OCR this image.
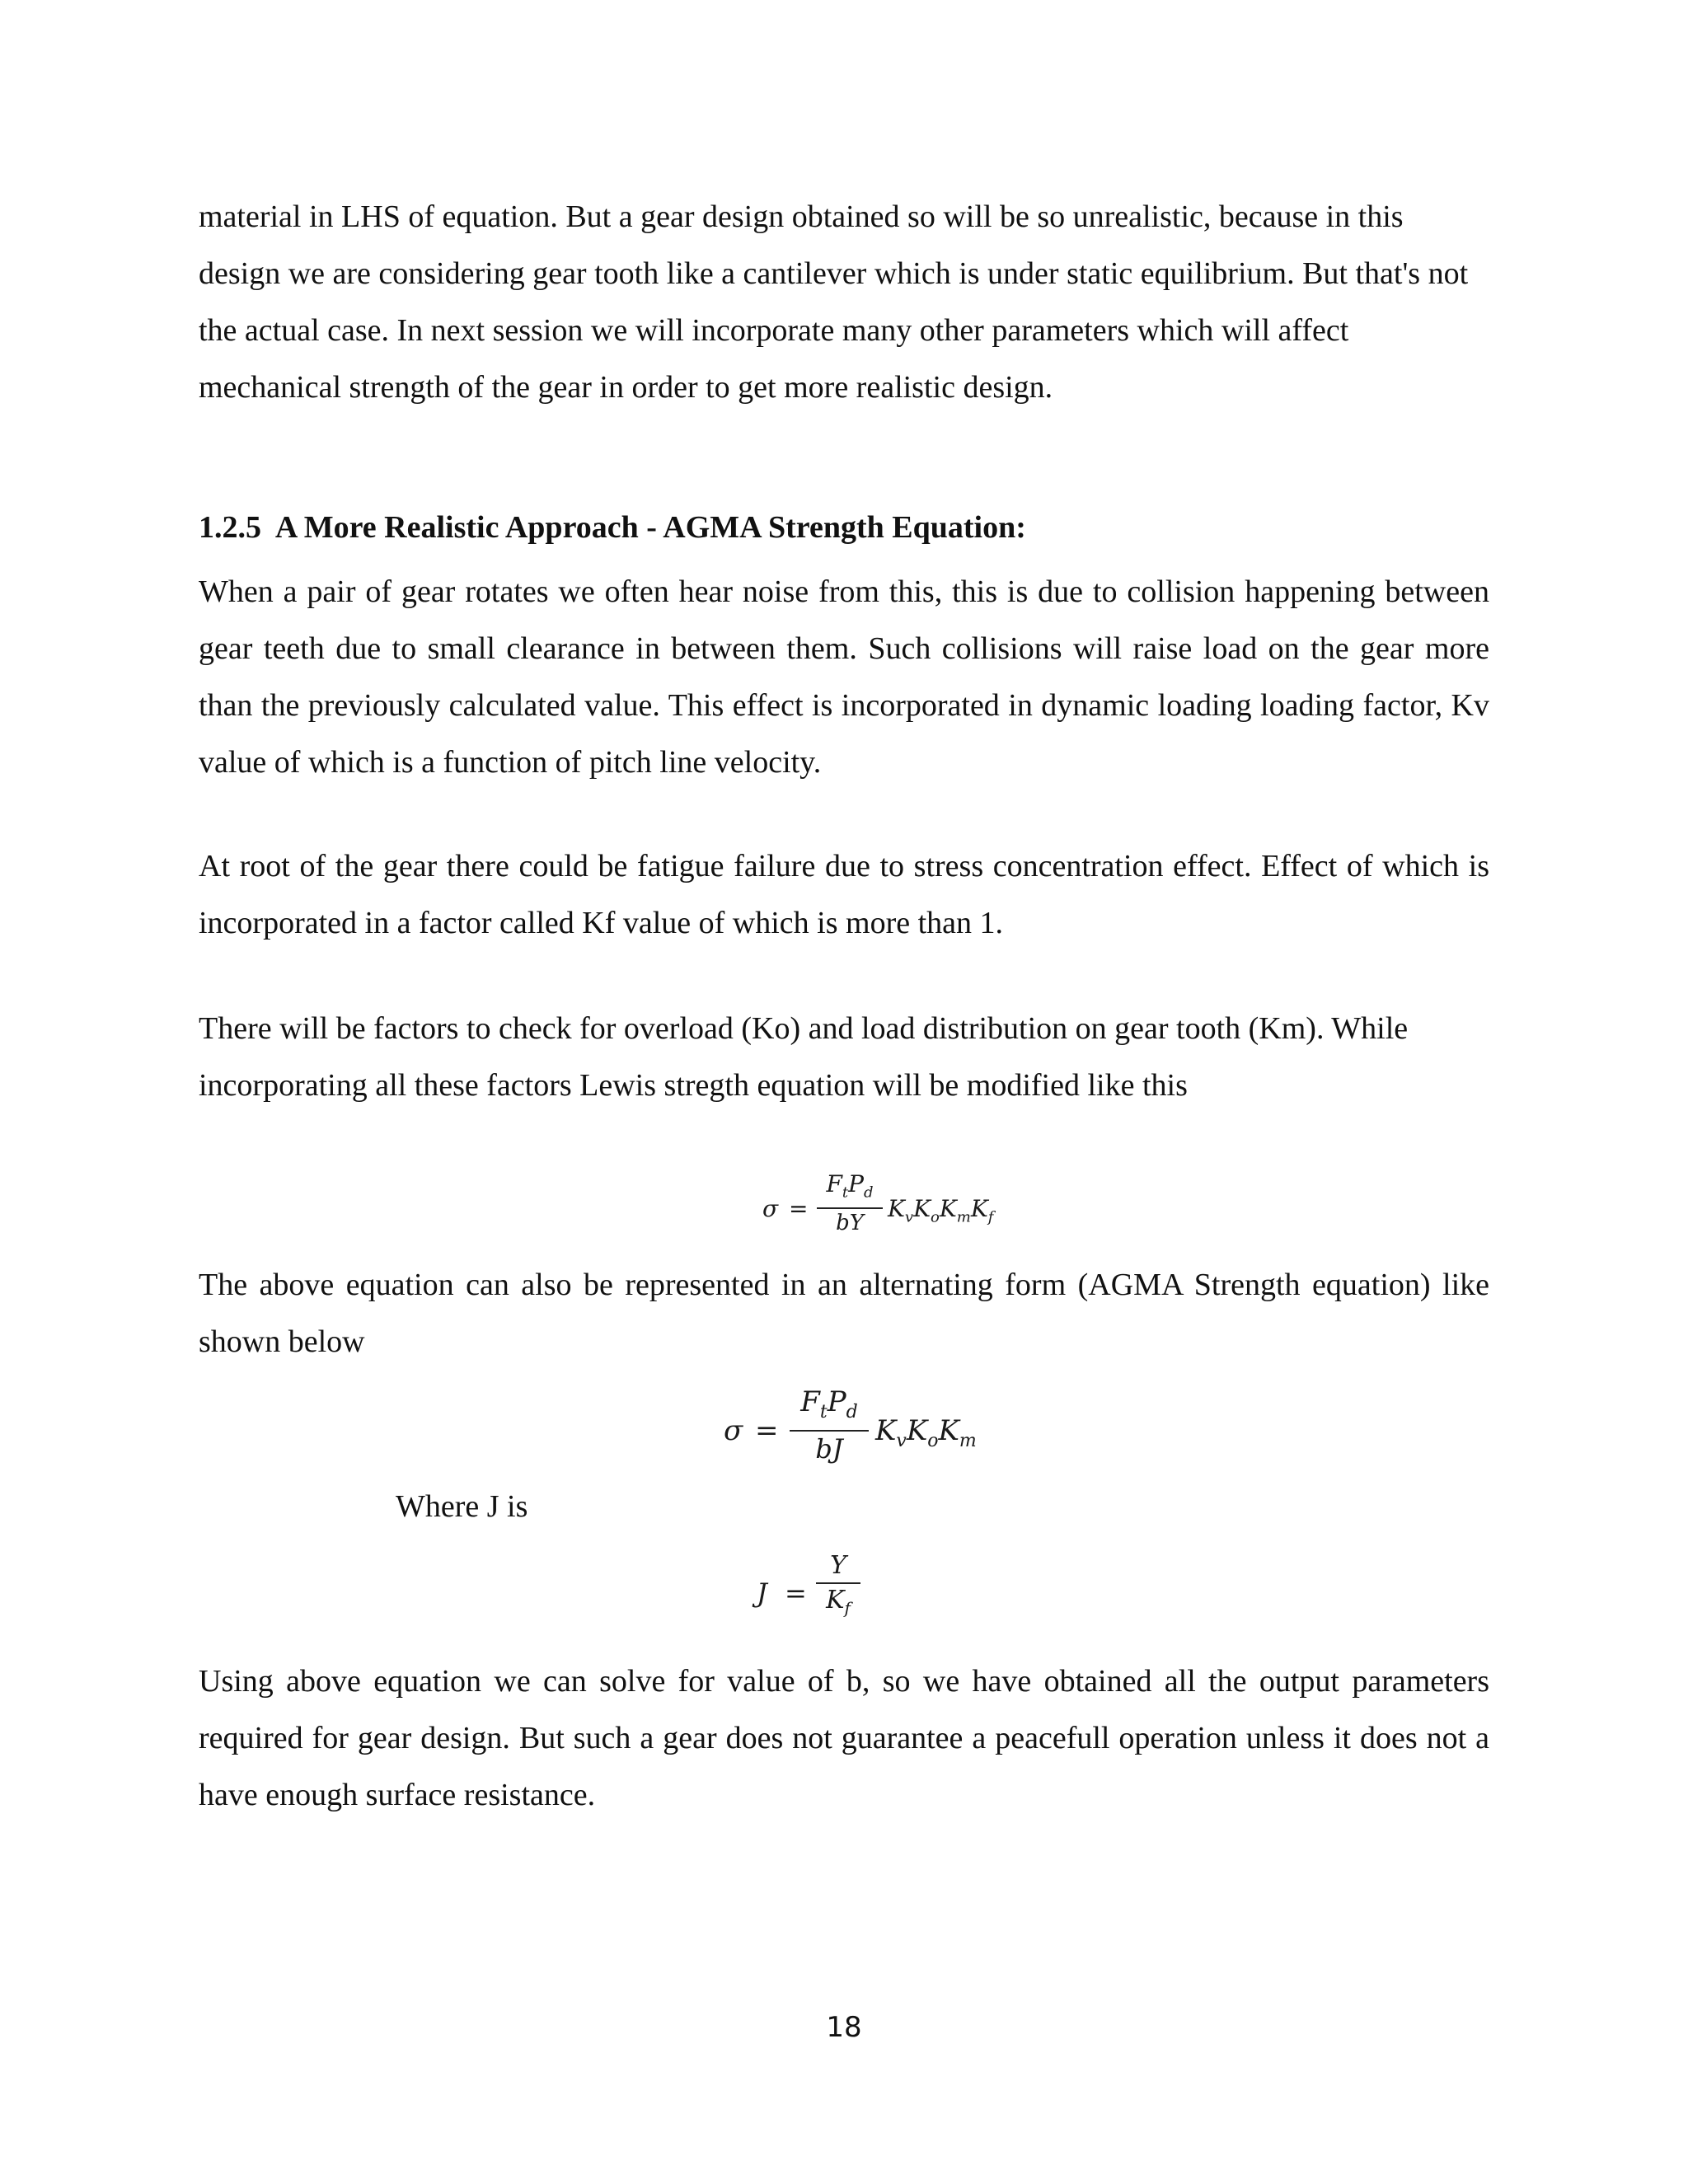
material in LHS of equation. But a gear design obtained so will be so unrealistic, because in this design we are considering gear tooth like a cantilever which is under static equilibrium. But that's not the actual case. In next session we will incorporate many other parameters which will affect mechanical strength of the gear in order to get more realistic design.

1.2.5 A More Realistic Approach - AGMA Strength Equation:

When a pair of gear rotates we often hear noise from this, this is due to collision happening between gear teeth due to small clearance in between them. Such collisions will raise load on the gear more than the previously calculated value. This effect is incorporated in dynamic loading loading factor, Kv value of which is a function of pitch line velocity.

At root of the gear there could be fatigue failure due to stress concentration effect. Effect of which is incorporated in a factor called Kf value of which is more than 1.

There will be factors to check for overload (Ko) and load distribution on gear tooth (Km). While incorporating all these factors Lewis stregth equation will be modified like this

σ =
$F_tP_d$
bY
$K_vK_oK_mK_f$

The above equation can also be represented in an alternating form (AGMA Strength equation) like shown below

σ =
$F_tP_d$
bJ
$K_vK_oK_m$

Where J is

J =
Y
$K_f$

Using above equation we can solve for value of b, so we have obtained all the output parameters required for gear design. But such a gear does not guarantee a peacefull operation unless it does not a have enough surface resistance.

18
